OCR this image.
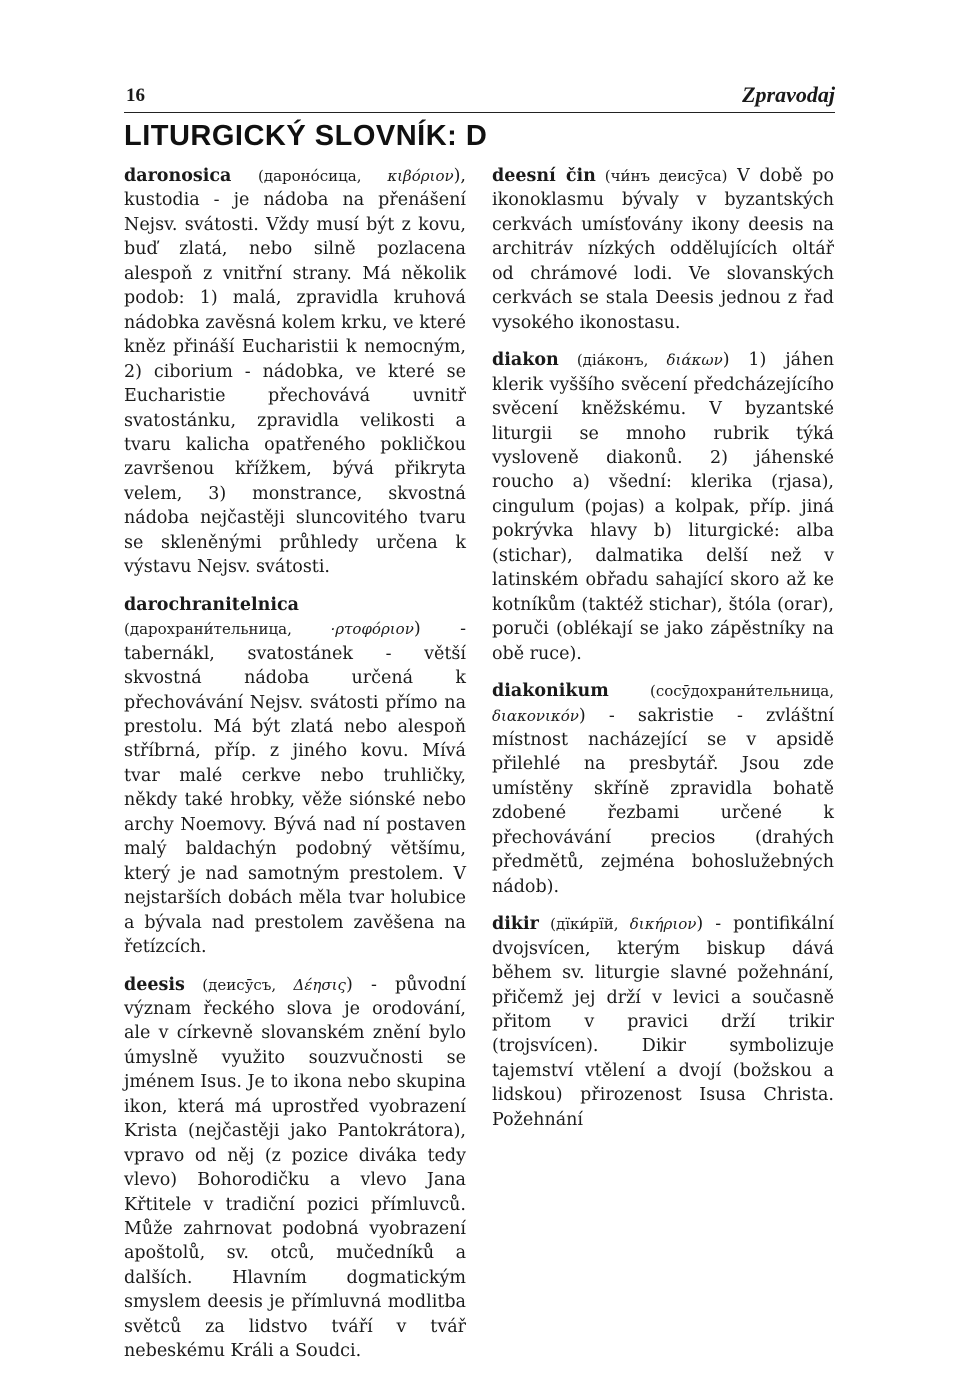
16	Zpravodaj
LITURGICKÝ SLOVNÍK: D

daronosica (даронóсица, κιβóριον), kustodia - je nádoba na přenášení Nejsv. svátosti. Vždy musí být z kovu, buď zlatá, nebo silně pozlacena alespoň z vnitřní strany. Má několik podob: 1) malá, zpravidla kruhová nádobka zavěsná kolem krku, ve které kněz přináší Eucharistii k nemocným, 2) ciborium - nádobka, ve které se Eucharistie přechovává uvnitř svatostánku, zpravidla velikosti a tvaru kalicha opatřeného pokličkou završenou křížkem, bývá přikryta velem, 3) monstrance, skvostná nádoba nejčastěji sluncovitého tvaru se skleněnými průhledy určena k výstavu Nejsv. svátosti.

darochranitelnica (дарохрани́тельница, ·ρτοφóριον) - tabernákl, svatostánek - větší skvostná nádoba určená k přechovávání Nejsv. svátosti přímo na prestolu. Má být zlatá nebo alespoň stříbrná, příp. z jiného kovu. Mívá tvar malé cerkve nebo truhličky, někdy také hrobky, věže siónské nebo archy Noemovy. Bývá nad ní postaven malý baldachýn podobný většímu, který je nad samotným prestolem. V nejstarších dobách měla tvar holubice a bývala nad prestolem zavěšena na řetízcích.

deesis (деисӯсъ, Δέησις) - původní význam řeckého slova je orodování, ale v církevně slovanském znění bylo úmyslně využito souzvučnosti se jménem Isus. Je to ikona nebo skupina ikon, která má uprostřed vyobrazení Krista (nejčastěji jako Pantokrátora), vpravo od něj (z pozice diváka tedy vlevo) Bohorodičku a vlevo Jana Křtitele v tradiční pozici přímluvců. Může zahrnovat podobná vyobrazení apoštolů, sv. otců, mučedníků a dalších. Hlavním dogmatickým smyslem deesis je přímluvná modlitba světců za lidstvo tváří v tvář nebeskému Králi a Soudci.

deesní čin (чи́нъ деисӯса) V době po ikonoklasmu bývaly v byzantských cerkvách umísťovány ikony deesis na architráv nízkých oddělujících oltář od chrámové lodi. Ve slovanských cerkvách se stala Deesis jednou z řad vysokého ikonostasu.

diakon (діа́конъ, διάκων) 1) jáhen klerik vyššího svěcení předcházejícího svěcení kněžskému. V byzantské liturgii se mnoho rubrik týká vysloveně diakonů. 2) jáhenské roucho a) všední: klerika (rjasa), cingulum (pojas) a kolpak, příp. jiná pokrývka hlavy b) liturgické: alba (stichar), dalmatika delší než v latinském obřadu sahající skoro až ke kotníkům (taktéž stichar), štóla (orar), poruči (oblékají se jako zápěstníky na obě ruce).

diakonikum (сосӯдохрани́тельница, διακονικόν) - sakristie - zvláštní místnost nacházející se v apsidě přilehlé na presbytář. Jsou zde umístěny skříně zpravidla bohatě zdobené řezbami určené k přechovávání precios (drahých předmětů, zejména bohoslužebných nádob).

dikir (дїки́рїй, δικήριον) - pontifikální dvojsvícen, kterým biskup dává během sv. liturgie slavné požehnání, přičemž jej drží v levici a současně přitom v pravici drží trikir (trojsvícen). Dikir symbolizuje tajemství vtělení a dvojí (božskou a lidskou) přirozenost Isusa Christa. Požehnání
